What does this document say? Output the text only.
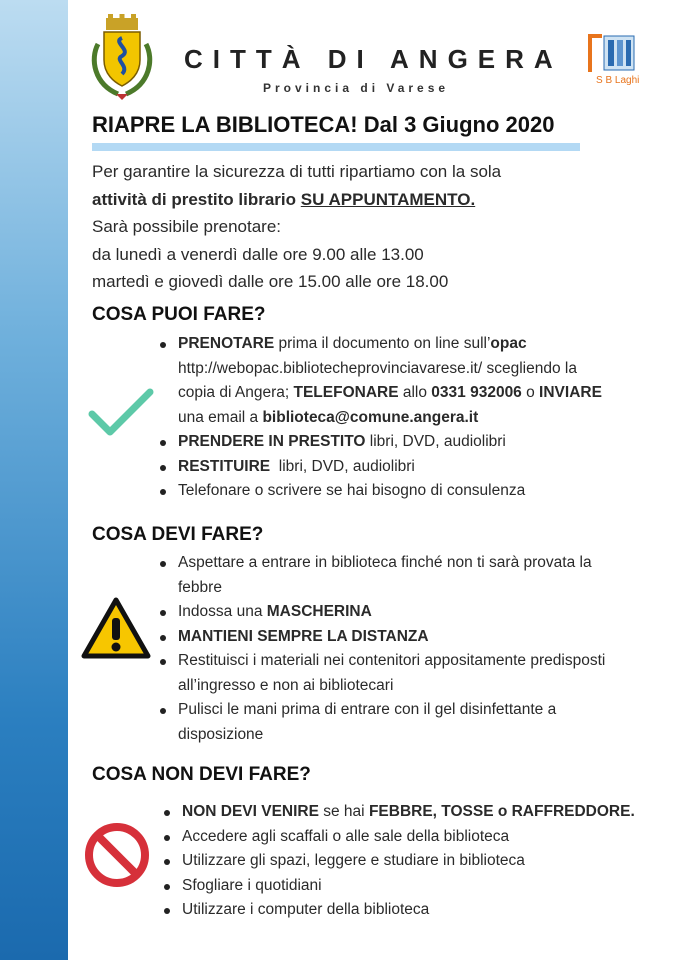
CITTÀ DI ANGERA
Provincia di Varese
S B Laghi
RIAPRE LA BIBLIOTECA! Dal 3 Giugno 2020

Per garantire la sicurezza di tutti ripartiamo con la sola

attività di prestito librario SU APPUNTAMENTO.

Sarà possibile prenotare:

da lunedì a venerdì dalle ore 9.00 alle 13.00

martedì e giovedì dalle ore 15.00 alle ore 18.00

COSA PUOI FARE?
PRENOTARE prima il documento on line sull’opac
http://webopac.bibliotecheprovinciavarese.it/ scegliendo la
copia di Angera; TELEFONARE allo 0331 932006 o INVIARE
una email a biblioteca@comune.angera.it
PRENDERE IN PRESTITO libri, DVD, audiolibri
RESTITUIRE  libri, DVD, audiolibri
Telefonare o scrivere se hai bisogno di consulenza
COSA DEVI FARE?
Aspettare a entrare in biblioteca finché non ti sarà provata la
febbre
Indossa una MASCHERINA
MANTIENI SEMPRE LA DISTANZA
Restituisci i materiali nei contenitori appositamente predisposti
all’ingresso e non ai bibliotecari
Pulisci le mani prima di entrare con il gel disinfettante a
disposizione
COSA NON DEVI FARE?
NON DEVI VENIRE se hai FEBBRE, TOSSE o RAFFREDDORE.
Accedere agli scaffali o alle sale della biblioteca
Utilizzare gli spazi, leggere e studiare in biblioteca
Sfogliare i quotidiani
Utilizzare i computer della biblioteca
